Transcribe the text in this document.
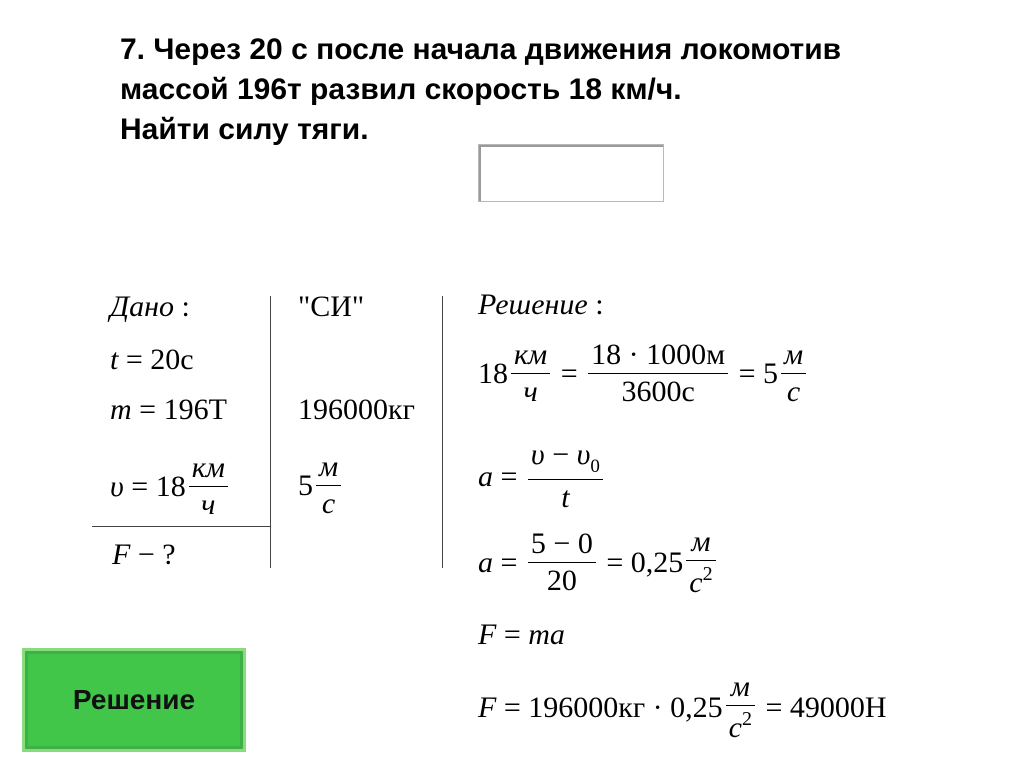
7. Через 20 с после начала движения локомотив
массой 196т развил скорость 18 км/ч.
Найти силу тяги.
Дано :
t = 20с
m = 196Т
$\upsilon = 18 \frac{км}{ч}$
F
− ?
"СИ"
196000кг
$5 \frac{м}{с}$
Решение :
$18 \frac{км}{ч} = \frac{18 \cdot 1000м}{3600с} = 5 \frac{м}{с}$
$a = \frac{\upsilon - \upsilon_0}{t}$
$a = \frac{5 - 0}{20} = 0,25 \frac{м}{с^2}$
F = ma
F = 196000кг
·
$0,25 \frac{м}{с^2} = 49000Н$
Решение
